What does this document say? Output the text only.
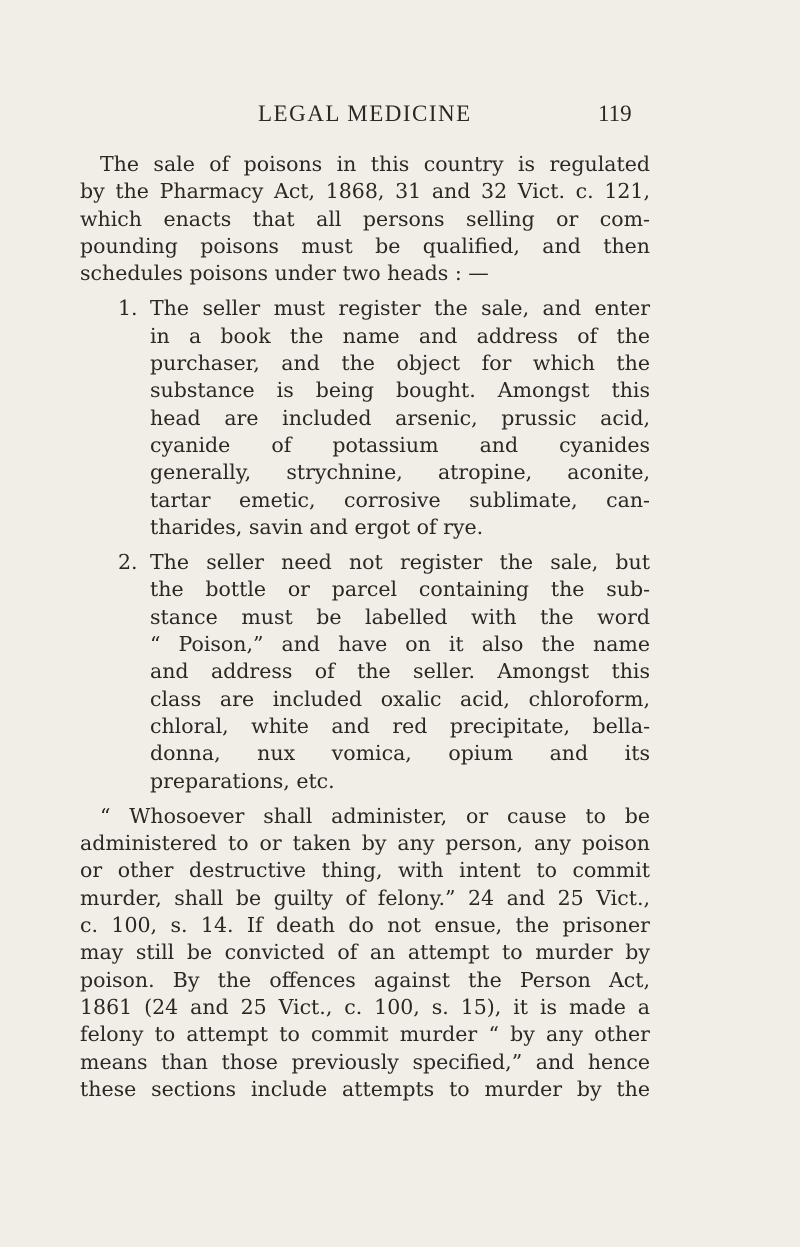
LEGAL MEDICINE	119
The sale of poisons in this country is regulated
by the Pharmacy Act, 1868, 31 and 32 Vict. c. 121,
which enacts that all persons selling or com-
pounding poisons must be qualified, and then
schedules poisons under two heads : —
1. The seller must register the sale, and enter
in a book the name and address of the
purchaser, and the object for which the
substance is being bought. Amongst this
head are included arsenic, prussic acid,
cyanide of potassium and cyanides
generally, strychnine, atropine, aconite,
tartar emetic, corrosive sublimate, can-
tharides, savin and ergot of rye.
2. The seller need not register the sale, but
the bottle or parcel containing the sub-
stance must be labelled with the word
“ Poison,” and have on it also the name
and address of the seller. Amongst this
class are included oxalic acid, chloroform,
chloral, white and red precipitate, bella-
donna, nux vomica, opium and its
preparations, etc.
“ Whosoever shall administer, or cause to be
administered to or taken by any person, any poison
or other destructive thing, with intent to commit
murder, shall be guilty of felony.” 24 and 25 Vict.,
c. 100, s. 14. If death do not ensue, the prisoner
may still be convicted of an attempt to murder by
poison. By the offences against the Person Act,
1861 (24 and 25 Vict., c. 100, s. 15), it is made a
felony to attempt to commit murder “ by any other
means than those previously specified,” and hence
these sections include attempts to murder by the
